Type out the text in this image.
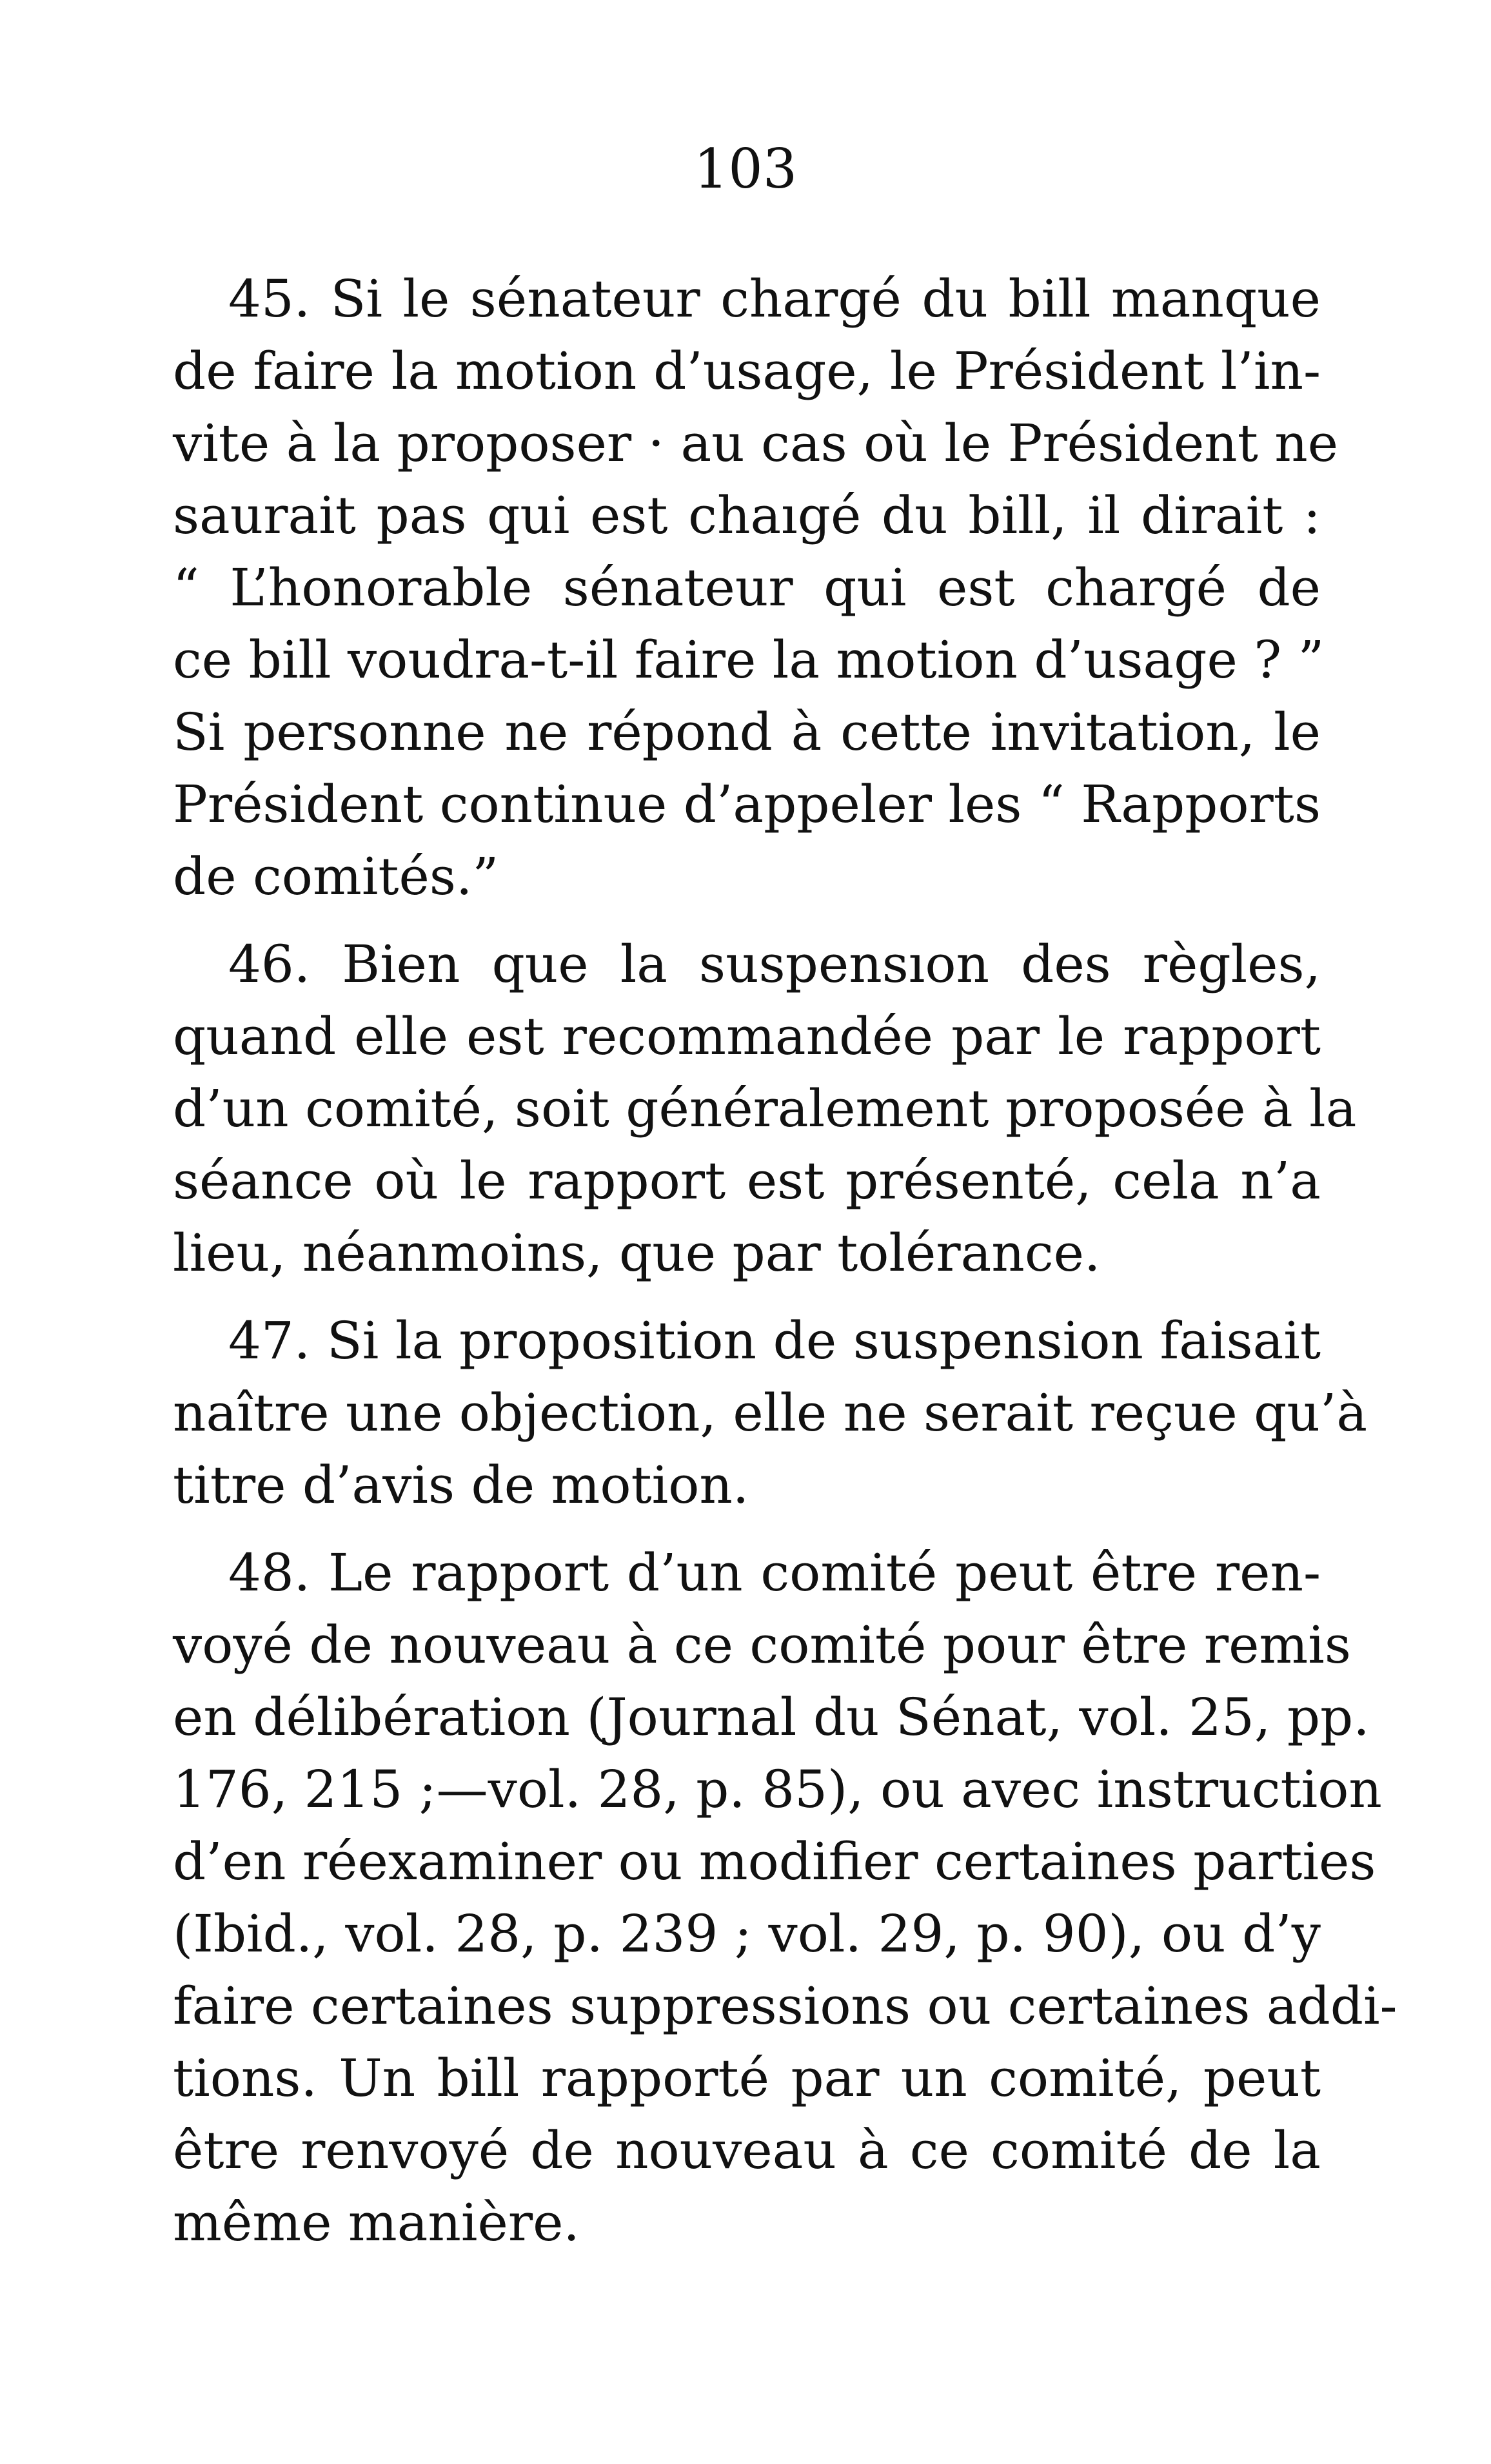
103
45. Si le sénateur chargé du bill manque
de faire la motion d’usage, le Président l’in-
vite à la proposer · au cas où le Président ne
saurait pas qui est chaıgé du bill, il dirait :
“ L’honorable sénateur qui est chargé de
ce bill voudra-t-il faire la motion d’usage ? ”
Si personne ne répond à cette invitation, le
Président continue d’appeler les “ Rapports
de comités.”
46. Bien que la suspensıon des règles,
quand elle est recommandée par le rapport
d’un comité, soit généralement proposée à la
séance où le rapport est présenté, cela n’a
lieu, néanmoins, que par tolérance.
47. Si la proposition de suspension faisait
naître une objection, elle ne serait reçue qu’à
titre d’avis de motion.
48. Le rapport d’un comité peut être ren-
voyé de nouveau à ce comité pour être remis
en délibération (Journal du Sénat, vol. 25, pp.
176, 215 ;—vol. 28, p. 85), ou avec instruction
d’en réexaminer ou modifier certaines parties
(Ibid., vol. 28, p. 239 ; vol. 29, p. 90), ou d’y
faire certaines suppressions ou certaines addi-
tions. Un bill rapporté par un comité, peut
être renvoyé de nouveau à ce comité de la
même manière.
